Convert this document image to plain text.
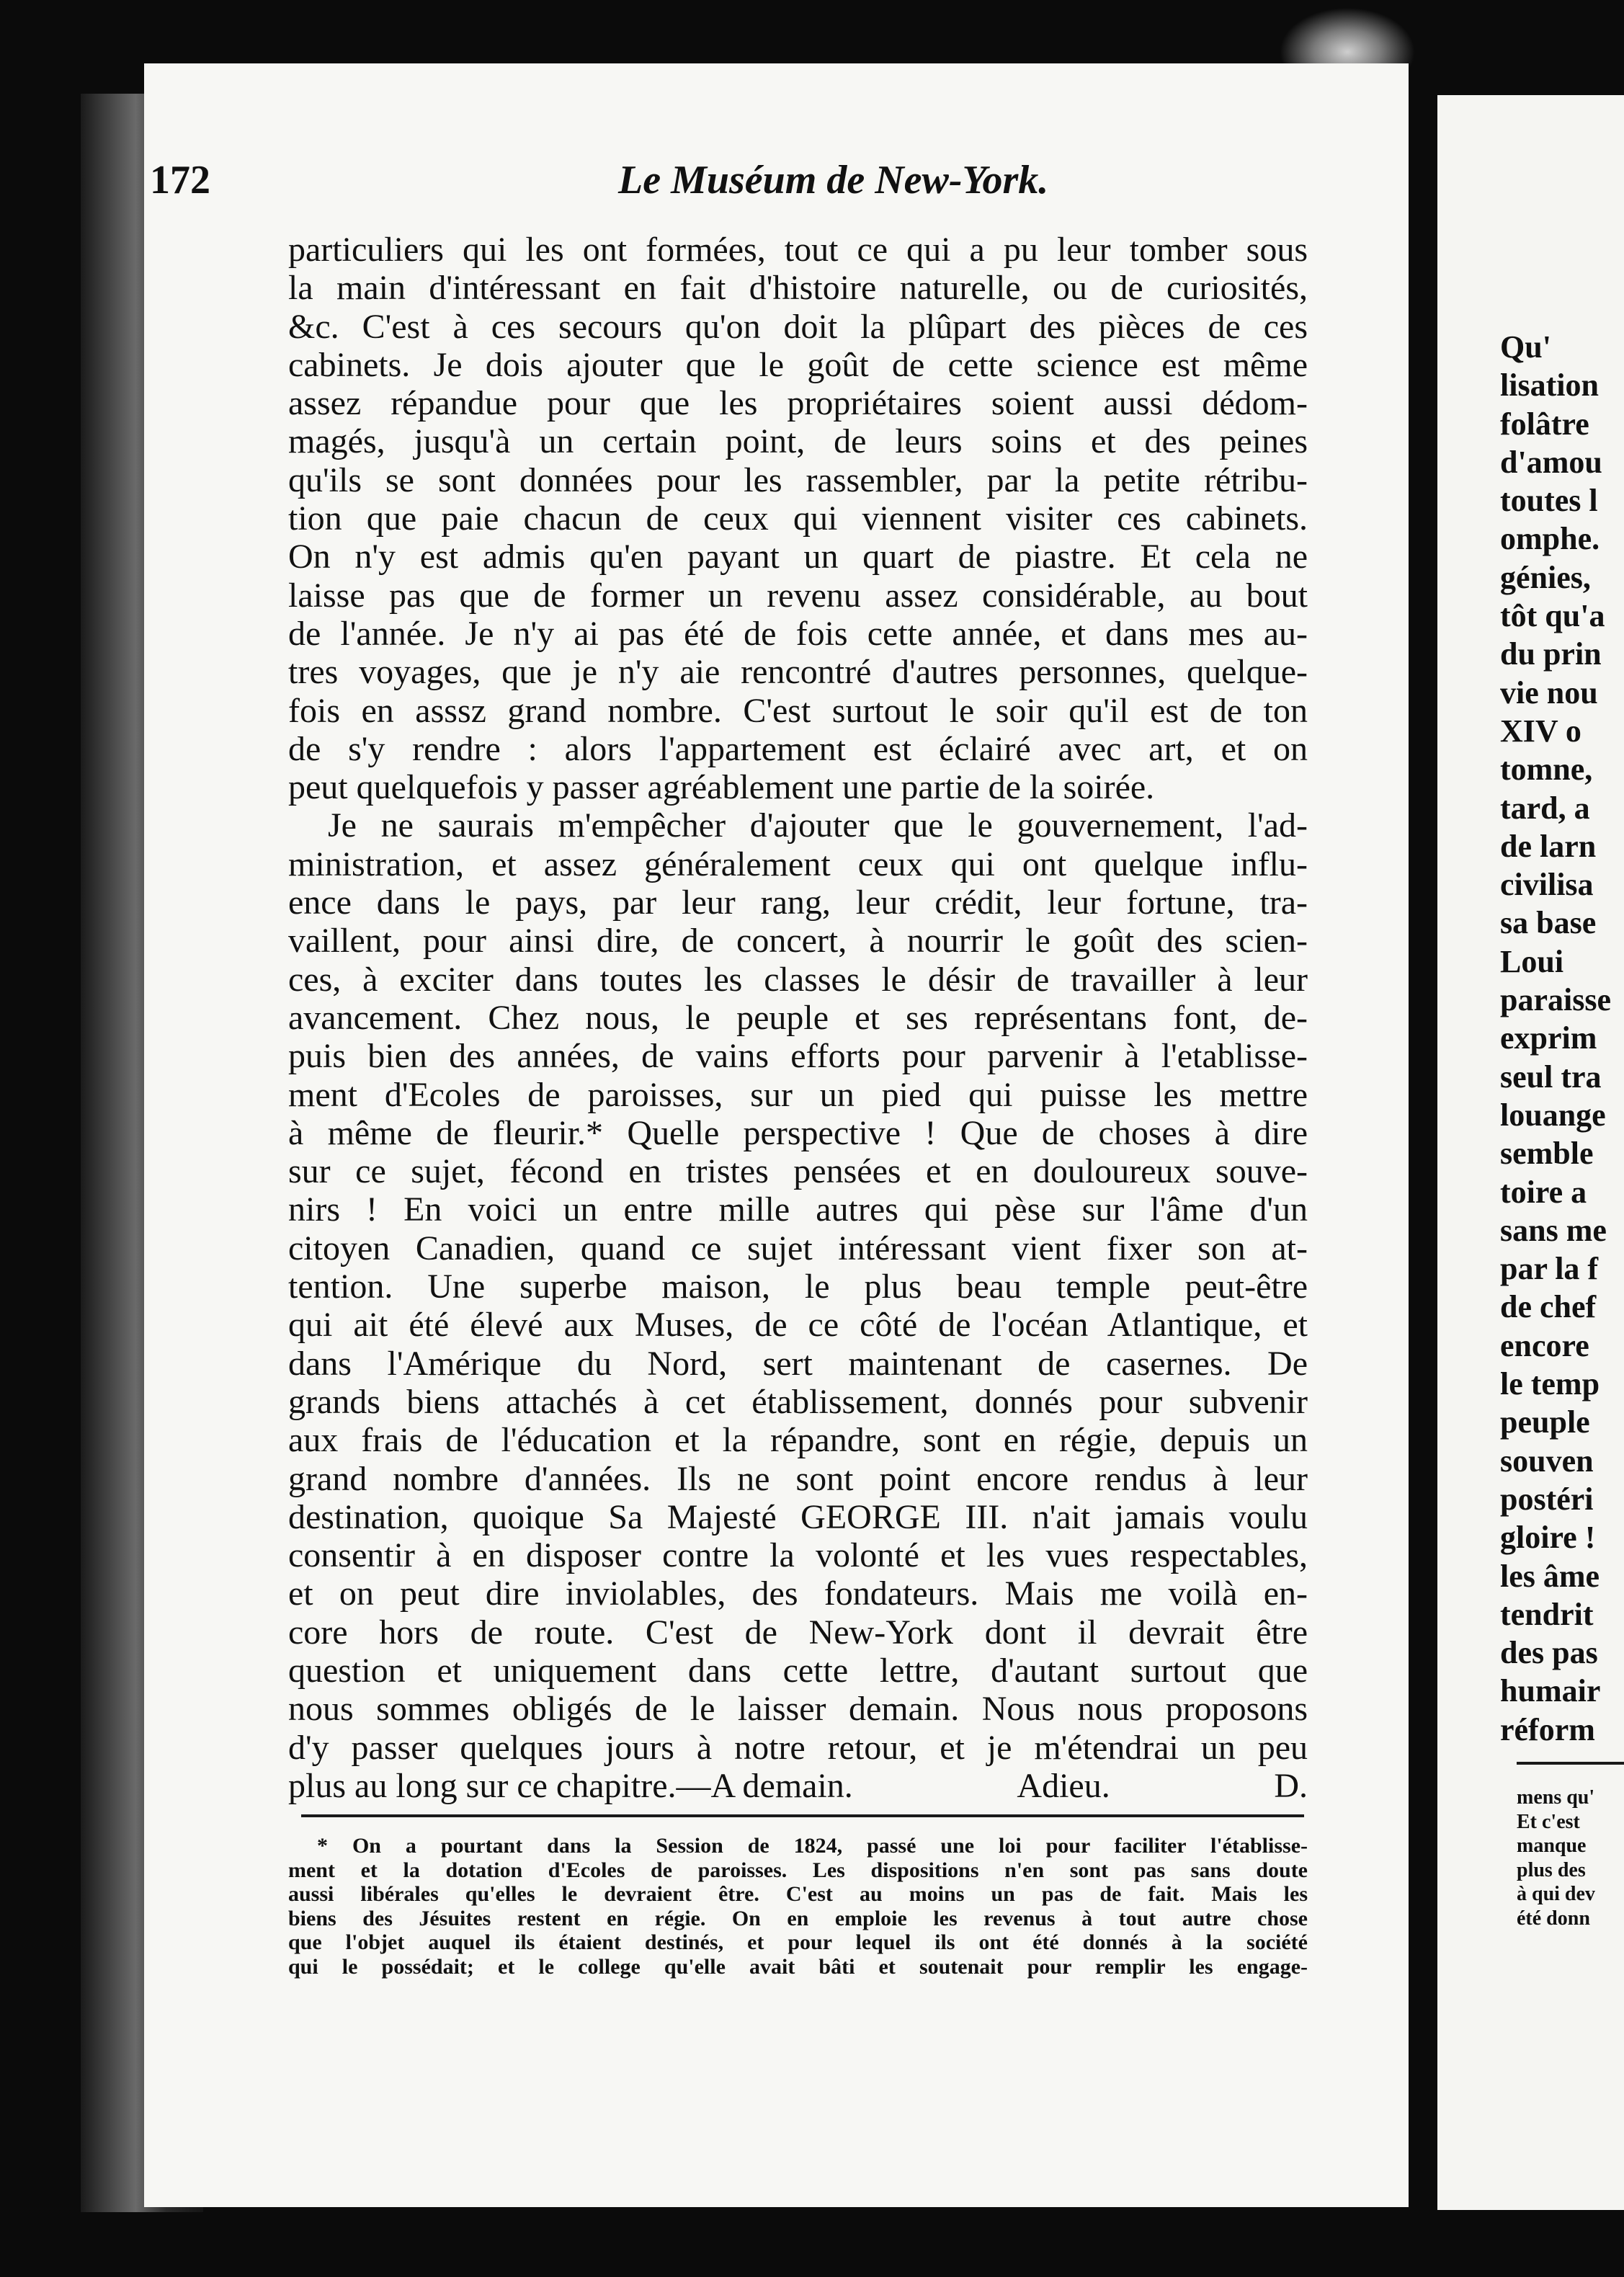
172	Le Muséum de New-York.
particuliers qui les ont formées, tout ce qui a pu leur tomber sous
la main d'intéressant en fait d'histoire naturelle, ou de curiosités,
&c. C'est à ces secours qu'on doit la plûpart des pièces de ces
cabinets. Je dois ajouter que le goût de cette science est même
assez répandue pour que les propriétaires soient aussi dédom-
magés, jusqu'à un certain point, de leurs soins et des peines
qu'ils se sont données pour les rassembler, par la petite rétribu-
tion que paie chacun de ceux qui viennent visiter ces cabinets.
On n'y est admis qu'en payant un quart de piastre. Et cela ne
laisse pas que de former un revenu assez considérable, au bout
de l'année. Je n'y ai pas été de fois cette année, et dans mes au-
tres voyages, que je n'y aie rencontré d'autres personnes, quelque-
fois en asssz grand nombre. C'est surtout le soir qu'il est de ton
de s'y rendre : alors l'appartement est éclairé avec art, et on
peut quelquefois y passer agréablement une partie de la soirée.
Je ne saurais m'empêcher d'ajouter que le gouvernement, l'ad-
ministration, et assez généralement ceux qui ont quelque influ-
ence dans le pays, par leur rang, leur crédit, leur fortune, tra-
vaillent, pour ainsi dire, de concert, à nourrir le goût des scien-
ces, à exciter dans toutes les classes le désir de travailler à leur
avancement. Chez nous, le peuple et ses représentans font, de-
puis bien des années, de vains efforts pour parvenir à l'etablisse-
ment d'Ecoles de paroisses, sur un pied qui puisse les mettre
à même de fleurir.* Quelle perspective ! Que de choses à dire
sur ce sujet, fécond en tristes pensées et en douloureux souve-
nirs ! En voici un entre mille autres qui pèse sur l'âme d'un
citoyen Canadien, quand ce sujet intéressant vient fixer son at-
tention. Une superbe maison, le plus beau temple peut-être
qui ait été élevé aux Muses, de ce côté de l'océan Atlantique, et
dans l'Amérique du Nord, sert maintenant de casernes. De
grands biens attachés à cet établissement, donnés pour subvenir
aux frais de l'éducation et la répandre, sont en régie, depuis un
grand nombre d'années. Ils ne sont point encore rendus à leur
destination, quoique Sa Majesté GEORGE III. n'ait jamais voulu
consentir à en disposer contre la volonté et les vues respectables,
et on peut dire inviolables, des fondateurs. Mais me voilà en-
core hors de route. C'est de New-York dont il devrait être
question et uniquement dans cette lettre, d'autant surtout que
nous sommes obligés de le laisser demain. Nous nous proposons
d'y passer quelques jours à notre retour, et je m'étendrai un peu
plus au long sur ce chapitre.—A demain.	Adieu.	D.
* On a pourtant dans la Session de 1824, passé une loi pour faciliter l'établisse-
ment et la dotation d'Ecoles de paroisses. Les dispositions n'en sont pas sans doute
aussi libérales qu'elles le devraient être. C'est au moins un pas de fait. Mais les
biens des Jésuites restent en régie. On en emploie les revenus à tout autre chose
que l'objet auquel ils étaient destinés, et pour lequel ils ont été donnés à la société
qui le possédait; et le college qu'elle avait bâti et soutenait pour remplir les engage-
Qu'
lisation
folâtre
d'amou
toutes l
omphe.
génies,
tôt qu'a
du prin
vie nou
XIV o
tomne,
tard, a
de larn
civilisa
sa base
Loui
paraisse
exprim
seul tra
louange
semble
toire a
sans me
par la f
de chef
encore
le temp
peuple
souven
postéri
gloire !
les âme
tendrit
des pas
humair
réform
mens qu'
Et c'est
manque
plus des
à qui dev
été donn
